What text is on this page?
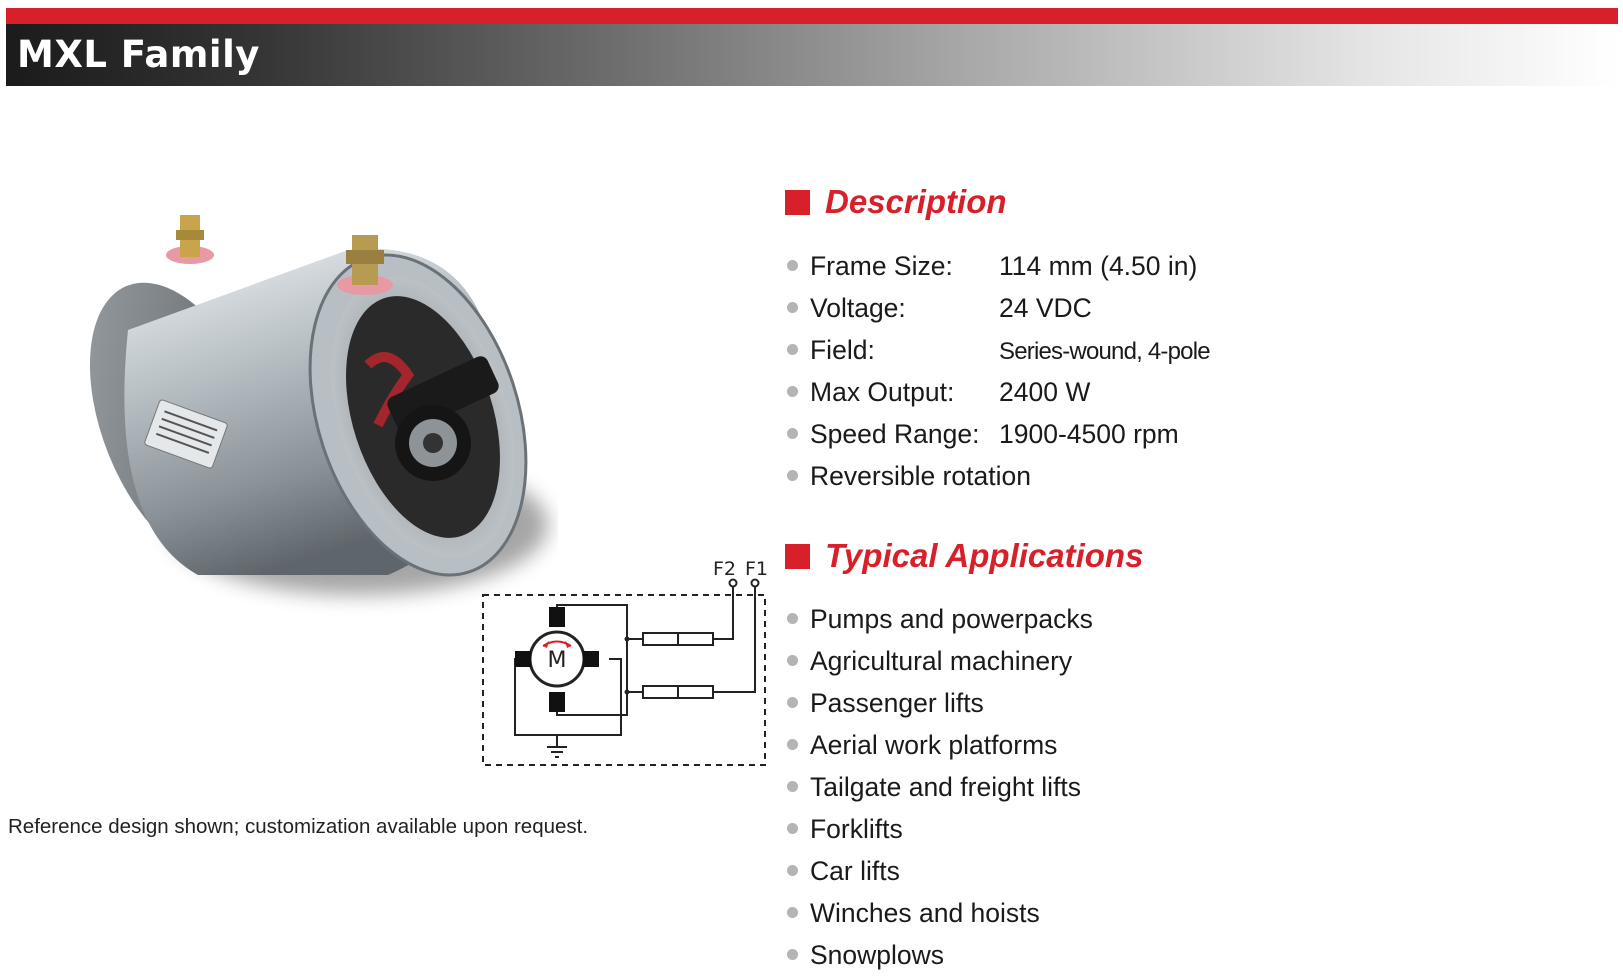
MXL Family
F2 F1
M
Reference design shown; customization available upon request.
Description
Frame Size: 114 mm (4.50 in)
Voltage:	24 VDC
Field:	Series-wound, 4-pole
Max Output: 2400 W
Speed Range: 1900-4500 rpm
Reversible rotation
Typical Applications
Pumps and powerpacks
Agricultural machinery
Passenger lifts
Aerial work platforms
Tailgate and freight lifts
Forklifts
Car lifts
Winches and hoists
Snowplows
